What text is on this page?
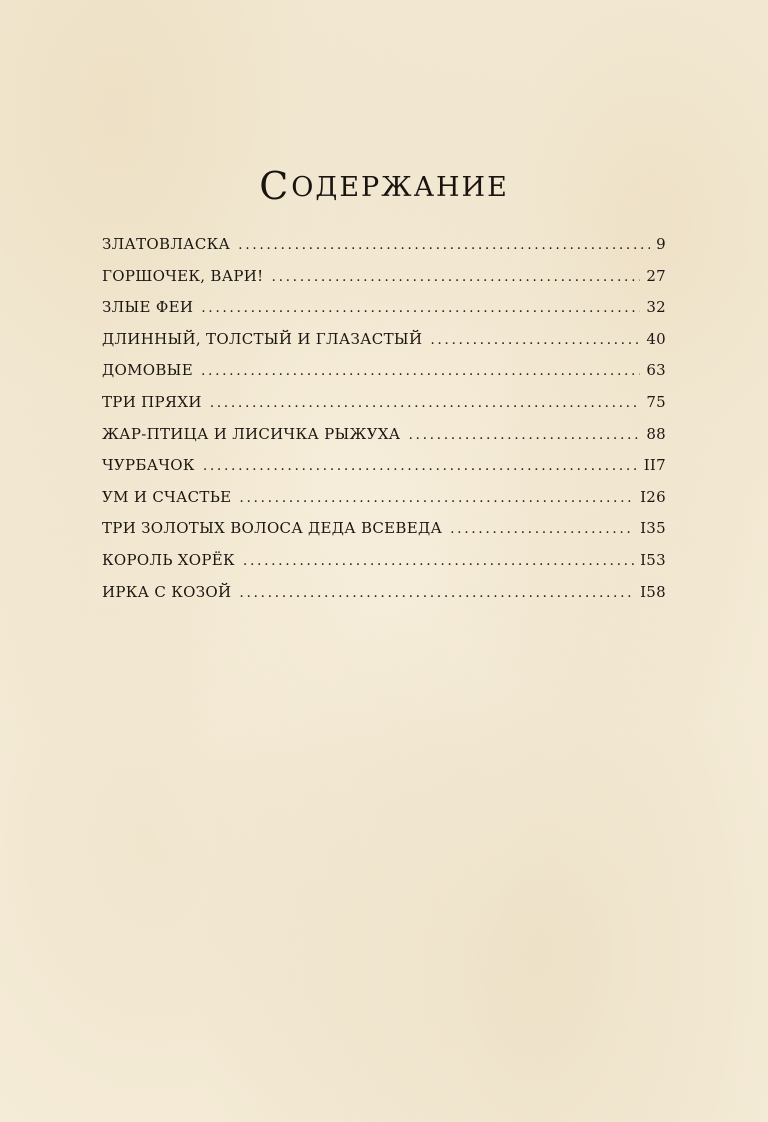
СОДЕРЖАНИЕ
ЗЛАТОВЛАСКА .....	9
ГОРШОЧЕК, ВАРИ! .....	27
ЗЛЫЕ ФЕИ .....	32
ДЛИННЫЙ, ТОЛСТЫЙ И ГЛАЗАСТЫЙ .....	40
ДОМОВЫЕ .....	63
ТРИ ПРЯХИ .....	75
ЖАР-ПТИЦА И ЛИСИЧКА РЫЖУХА .....	88
ЧУРБАЧОК .....	II7
УМ И СЧАСТЬЕ .....	I26
ТРИ ЗОЛОТЫХ ВОЛОСА ДЕДА ВСЕВЕДА .....	I35
КОРОЛЬ ХОРЁК .....	I53
ИРКА С КОЗОЙ .....	I58
